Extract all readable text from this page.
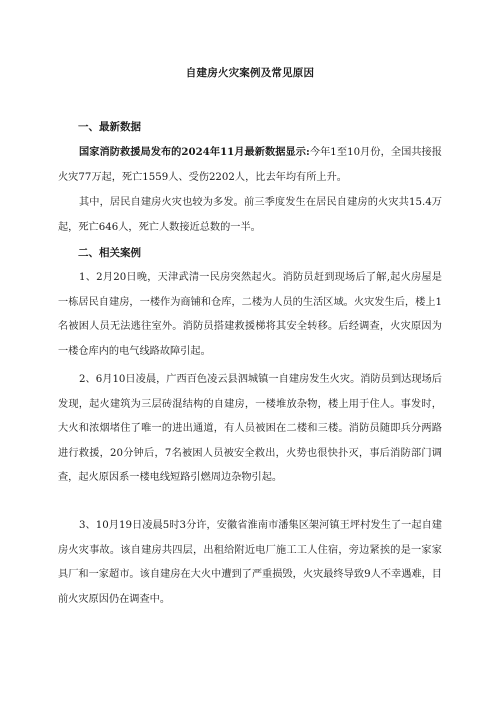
自建房火灾案例及常见原因
一、最新数据

国家消防救援局发布的2024年11月最新数据显示:今年1至10月份，全国共接报火灾77万起，死亡1559人、受伤2202人，比去年均有所上升。

其中，居民自建房火灾也较为多发。前三季度发生在居民自建房的火灾共15.4万起，死亡646人，死亡人数接近总数的一半。

二、相关案例

1、2月20日晚，天津武清一民房突然起火。消防员赶到现场后了解,起火房屋是一栋居民自建房，一楼作为商铺和仓库，二楼为人员的生活区域。火灾发生后，楼上1名被困人员无法逃往室外。消防员搭建救援梯将其安全转移。后经调查，火灾原因为一楼仓库内的电气线路故障引起。

2、6月10日凌晨，广西百色凌云县泗城镇一自建房发生火灾。消防员到达现场后发现，起火建筑为三层砖混结构的自建房，一楼堆放杂物，楼上用于住人。事发时，大火和浓烟堵住了唯一的进出通道，有人员被困在二楼和三楼。消防员随即兵分两路进行救援，20分钟后，7名被困人员被安全救出，火势也很快扑灭，事后消防部门调查，起火原因系一楼电线短路引燃周边杂物引起。

3、10月19日凌晨5时3分许，安徽省淮南市潘集区架河镇王坪村发生了一起自建房火灾事故。该自建房共四层，出租给附近电厂施工工人住宿，旁边紧挨的是一家家具厂和一家超市。该自建房在大火中遭到了严重损毁，火灾最终导致9人不幸遇难，目前火灾原因仍在调查中。
